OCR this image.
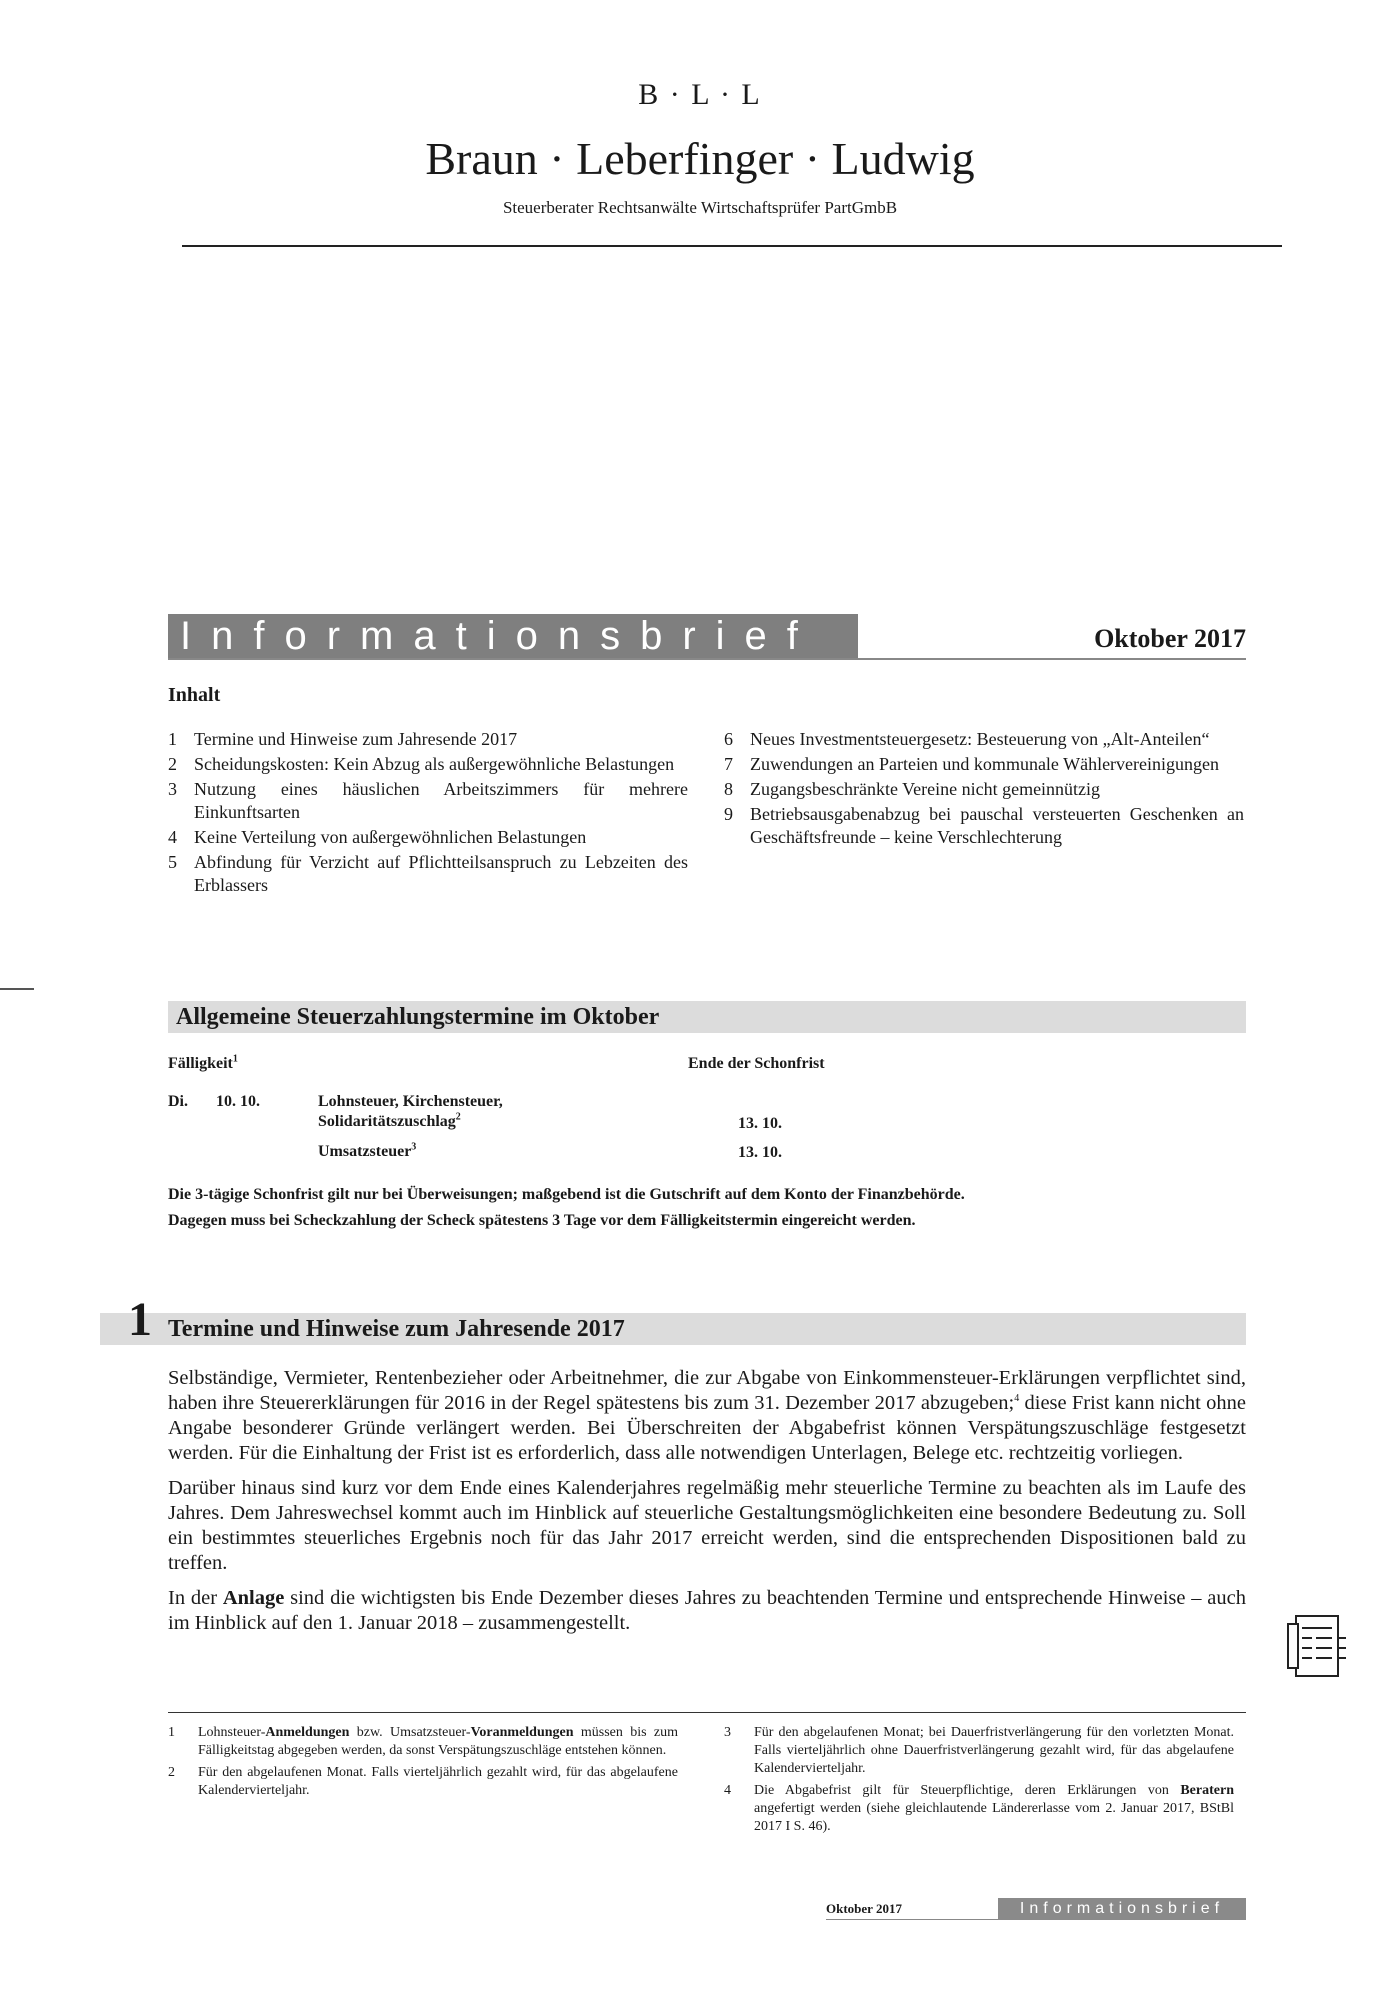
B · L · L
Braun · Leberfinger · Ludwig
Steuerberater Rechtsanwälte Wirtschaftsprüfer PartGmbB
Informationsbrief	Oktober 2017
Inhalt
1 Termine und Hinweise zum Jahresende 2017
2 Scheidungskosten: Kein Abzug als außergewöhnliche Belastungen
3 Nutzung eines häuslichen Arbeitszimmers für mehrere Einkunftsarten
4 Keine Verteilung von außergewöhnlichen Belastungen
5 Abfindung für Verzicht auf Pflichtteilsanspruch zu Lebzeiten des Erblassers
6 Neues Investmentsteuergesetz: Besteuerung von „Alt-Anteilen“
7 Zuwendungen an Parteien und kommunale Wählervereinigungen
8 Zugangsbeschränkte Vereine nicht gemeinnützig
9 Betriebsausgabenabzug bei pauschal versteuerten Geschenken an Geschäftsfreunde – keine Verschlechterung
Allgemeine Steuerzahlungstermine im Oktober
Fälligkeit$^1$	Ende der Schonfrist
Di. 10. 10.	Lohnsteuer, Kirchensteuer,
Solidaritätszuschlag$^2$	13. 10.
Umsatzsteuer$^3$	13. 10.
Die 3-tägige Schonfrist gilt nur bei Überweisungen; maßgebend ist die Gutschrift auf dem Konto der Finanzbehörde.
Dagegen muss bei Scheckzahlung der Scheck spätestens 3 Tage vor dem Fälligkeitstermin eingereicht werden.
1 Termine und Hinweise zum Jahresende 2017

Selbständige, Vermieter, Rentenbezieher oder Arbeitnehmer, die zur Abgabe von Einkommensteuer-Erklärungen verpflichtet sind, haben ihre Steuererklärungen für 2016 in der Regel spätestens bis zum 31. Dezember 2017 abzugeben;$^4$ diese Frist kann nicht ohne Angabe besonderer Gründe verlängert werden. Bei Überschreiten der Abgabefrist können Verspätungszuschläge festgesetzt werden. Für die Einhaltung der Frist ist es erforderlich, dass alle notwendigen Unterlagen, Belege etc. rechtzeitig vorliegen.

Darüber hinaus sind kurz vor dem Ende eines Kalenderjahres regelmäßig mehr steuerliche Termine zu beachten als im Laufe des Jahres. Dem Jahreswechsel kommt auch im Hinblick auf steuerliche Gestaltungsmöglichkeiten eine besondere Bedeutung zu. Soll ein bestimmtes steuerliches Ergebnis noch für das Jahr 2017 erreicht werden, sind die entsprechenden Dispositionen bald zu treffen.

In der Anlage sind die wichtigsten bis Ende Dezember dieses Jahres zu beachtenden Termine und entsprechende Hinweise – auch im Hinblick auf den 1. Januar 2018 – zusammengestellt.

1	Lohnsteuer-Anmeldungen bzw. Umsatzsteuer-Voranmeldungen müssen bis zum Fälligkeitstag abgegeben werden, da sonst Verspätungszuschläge entstehen können.
2	Für den abgelaufenen Monat. Falls vierteljährlich gezahlt wird, für das abgelaufene Kalendervierteljahr.
3	Für den abgelaufenen Monat; bei Dauerfristverlängerung für den vorletzten Monat. Falls vierteljährlich ohne Dauerfristverlängerung gezahlt wird, für das abgelaufene Kalendervierteljahr.
4	Die Abgabefrist gilt für Steuerpflichtige, deren Erklärungen von Beratern angefertigt werden (siehe gleichlautende Ländererlasse vom 2. Januar 2017, BStBl 2017 I S. 46).
Oktober 2017	Informationsbrief
